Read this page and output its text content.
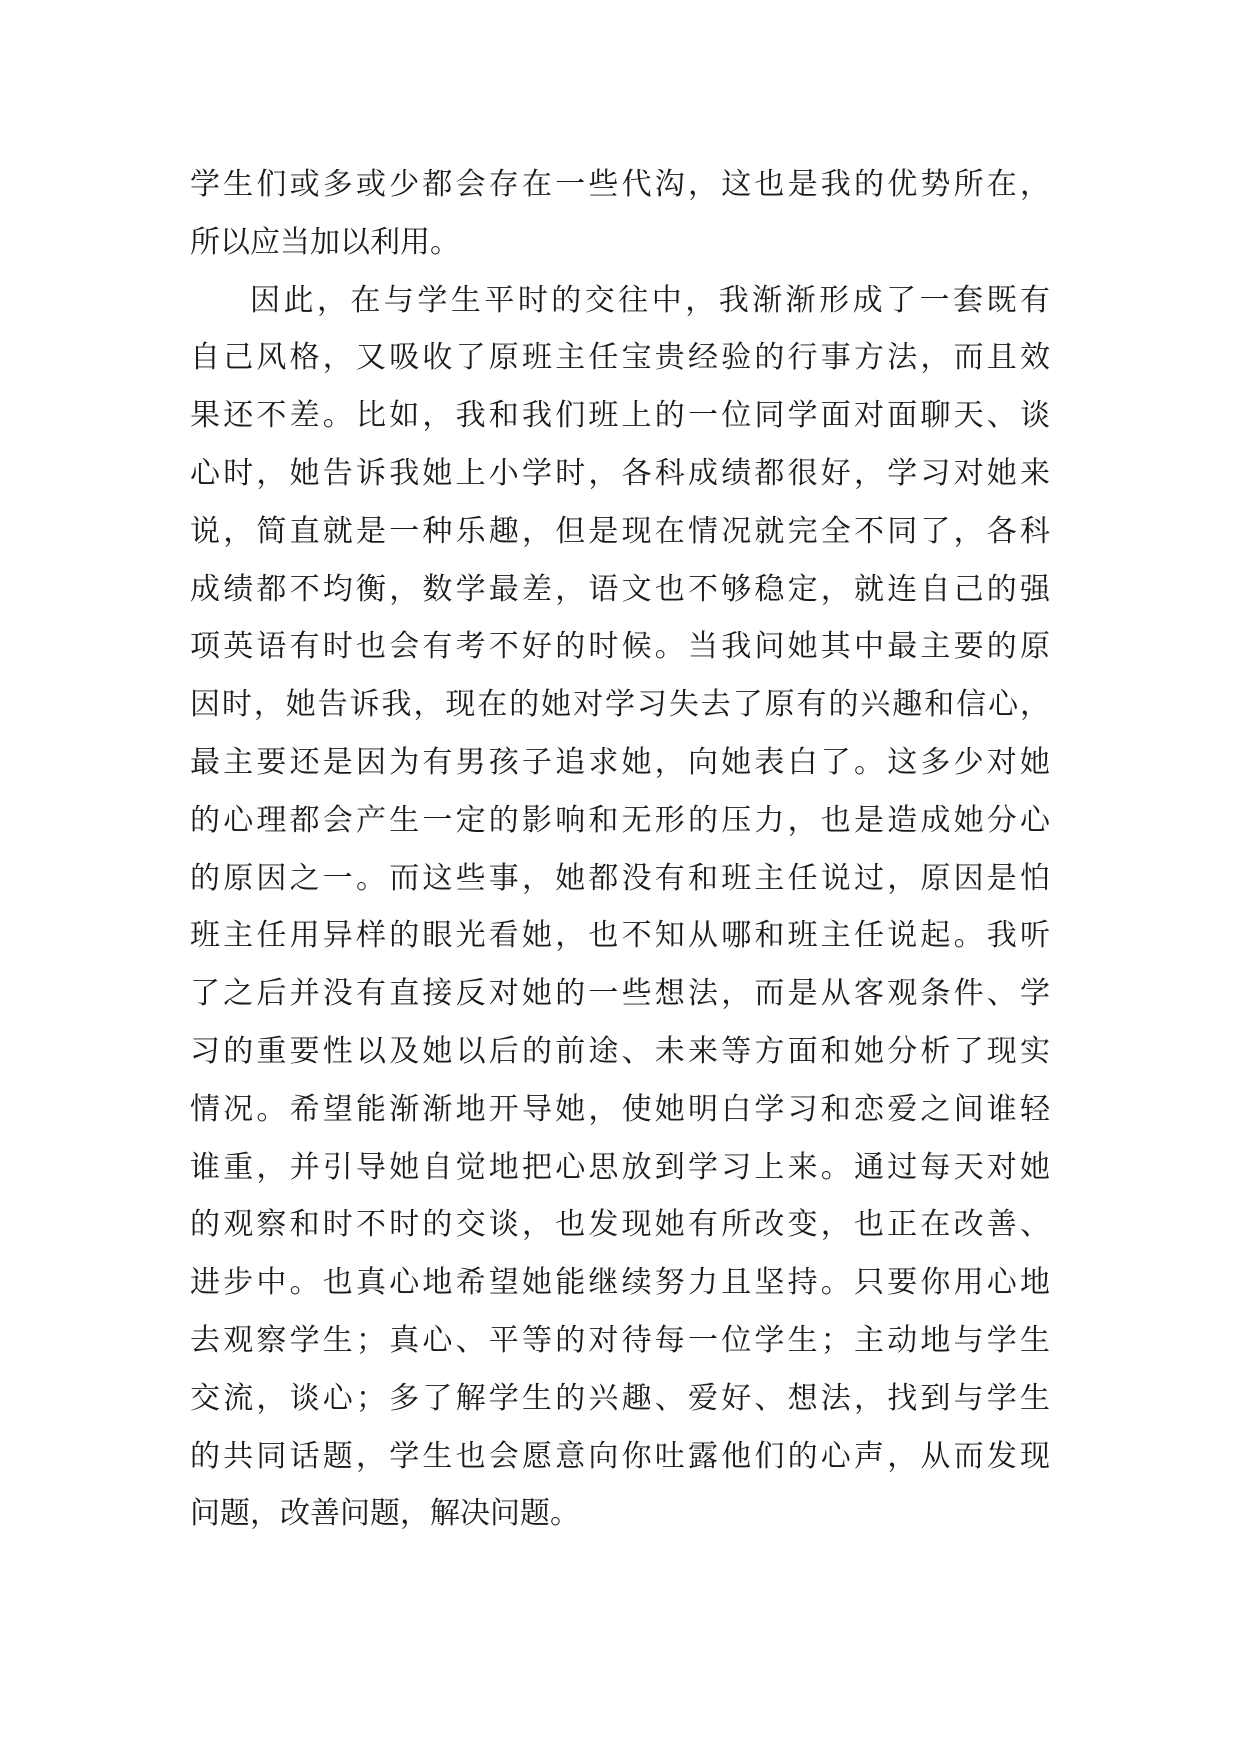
学生们或多或少都会存在一些代沟，这也是我的优势所在，
所以应当加以利用。
因此，在与学生平时的交往中，我渐渐形成了一套既有
自己风格，又吸收了原班主任宝贵经验的行事方法，而且效
果还不差。比如，我和我们班上的一位同学面对面聊天、谈
心时，她告诉我她上小学时，各科成绩都很好，学习对她来
说，简直就是一种乐趣，但是现在情况就完全不同了，各科
成绩都不均衡，数学最差，语文也不够稳定，就连自己的强
项英语有时也会有考不好的时候。当我问她其中最主要的原
因时，她告诉我，现在的她对学习失去了原有的兴趣和信心，
最主要还是因为有男孩子追求她，向她表白了。这多少对她
的心理都会产生一定的影响和无形的压力，也是造成她分心
的原因之一。而这些事，她都没有和班主任说过，原因是怕
班主任用异样的眼光看她，也不知从哪和班主任说起。我听
了之后并没有直接反对她的一些想法，而是从客观条件、学
习的重要性以及她以后的前途、未来等方面和她分析了现实
情况。希望能渐渐地开导她，使她明白学习和恋爱之间谁轻
谁重，并引导她自觉地把心思放到学习上来。通过每天对她
的观察和时不时的交谈，也发现她有所改变，也正在改善、
进步中。也真心地希望她能继续努力且坚持。只要你用心地
去观察学生；真心、平等的对待每一位学生；主动地与学生
交流，谈心；多了解学生的兴趣、爱好、想法，找到与学生
的共同话题，学生也会愿意向你吐露他们的心声，从而发现
问题，改善问题，解决问题。
